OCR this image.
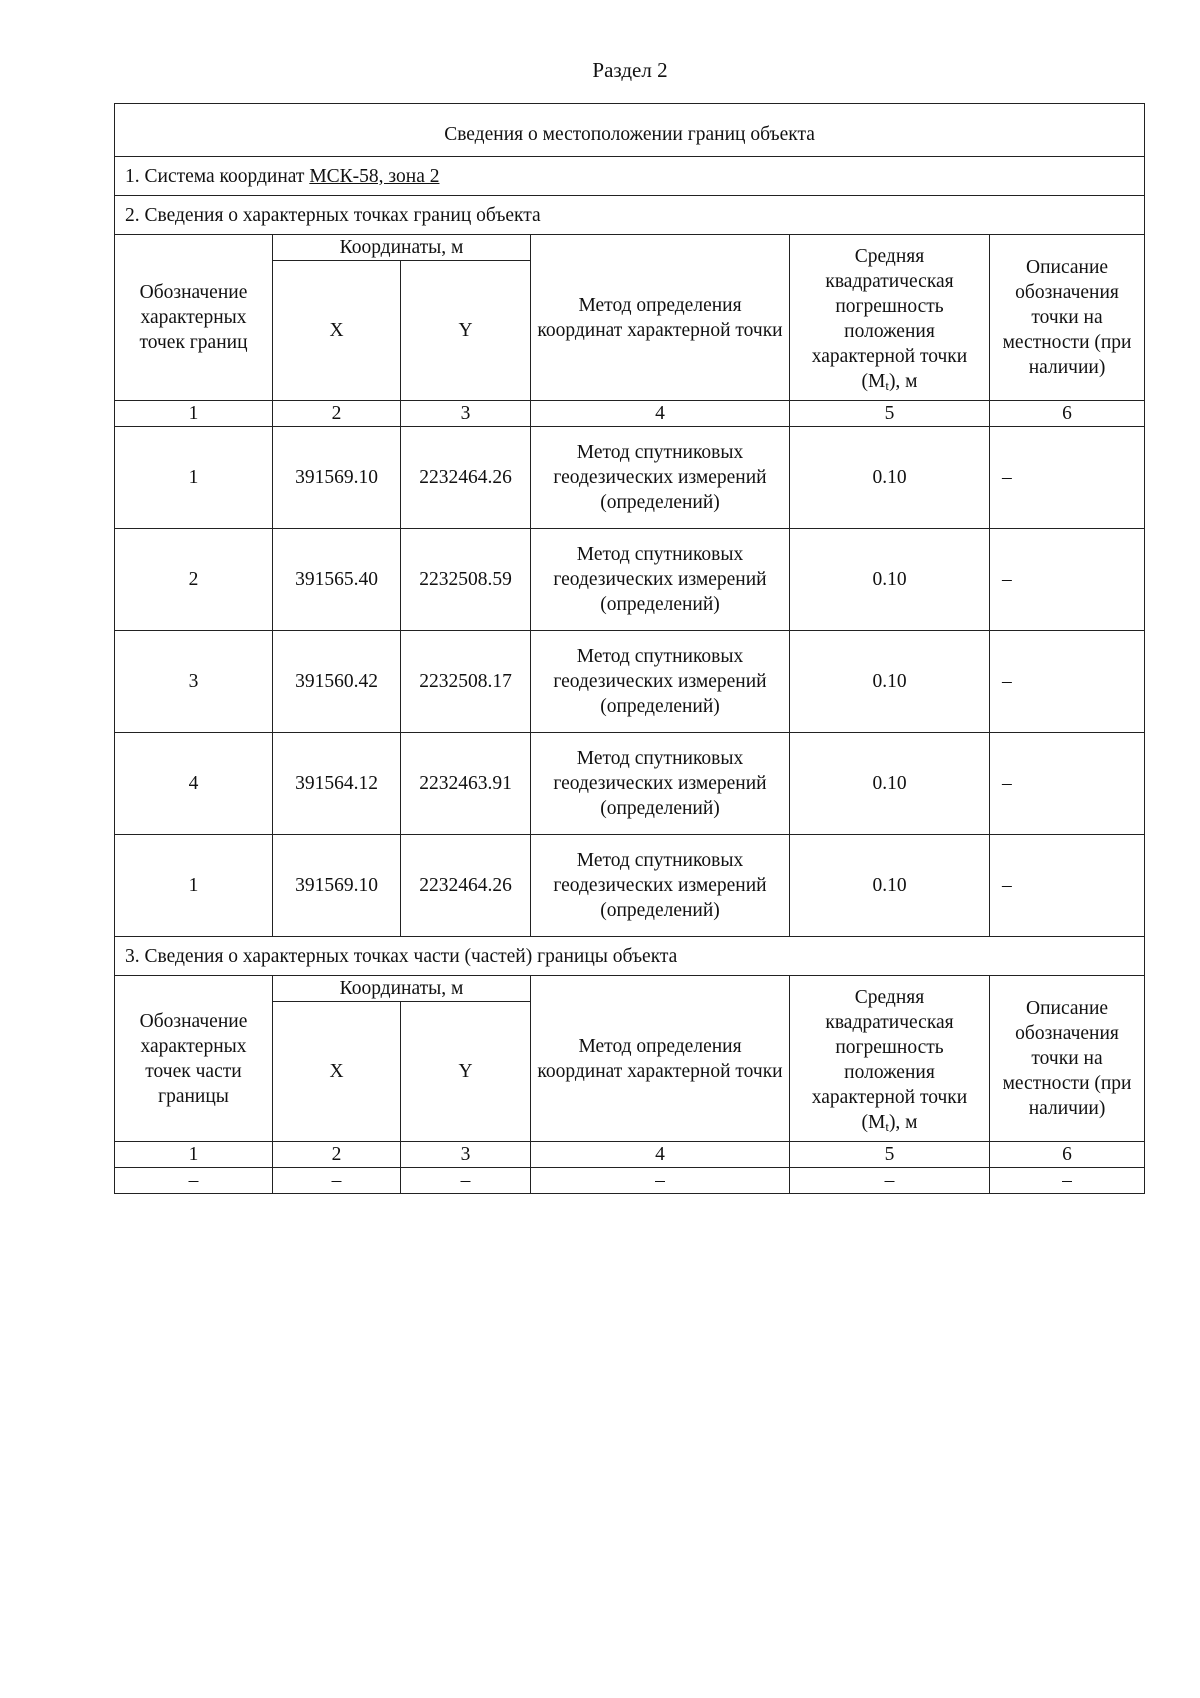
Раздел 2
Сведения о местоположении границ объекта					
1. Система координат МСК-58, зона 2					
2. Сведения о характерных точках границ объекта					
Обозначение характерных точек границ	Координаты, м		Метод определения координат характерной точки	Средняя квадратическая погрешность положения характерной точки $(M_t)$, м	Описание обозначения точки на местности (при наличии)
	X	Y			
1	2	3	4	5	6
1	391569.10	2232464.26	Метод спутниковых геодезических измерений (определений)	0.10	–
2	391565.40	2232508.59	Метод спутниковых геодезических измерений (определений)	0.10	–
3	391560.42	2232508.17	Метод спутниковых геодезических измерений (определений)	0.10	–
4	391564.12	2232463.91	Метод спутниковых геодезических измерений (определений)	0.10	–
1	391569.10	2232464.26	Метод спутниковых геодезических измерений (определений)	0.10	–
3. Сведения о характерных точках части (частей) границы объекта					
Обозначение характерных точек части границы	Координаты, м		Метод определения координат характерной точки	Средняя квадратическая погрешность положения характерной точки $(M_t)$, м	Описание обозначения точки на местности (при наличии)
	X	Y			
1	2	3	4	5	6
–	–	–	–	–	–
